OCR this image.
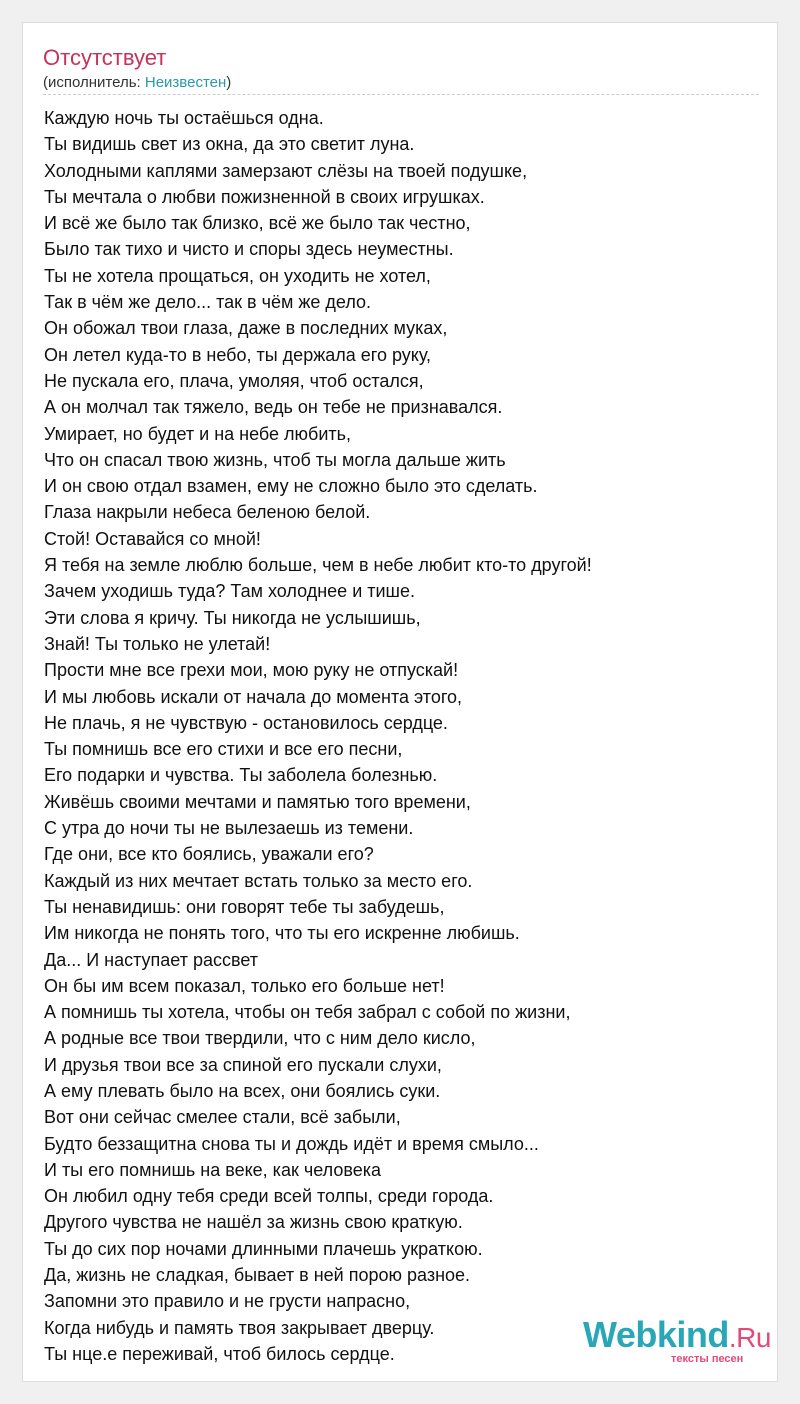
Отсутствует
(исполнитель: Неизвестен)
Каждую ночь ты остаёшься одна.
Ты видишь свет из окна, да это светит луна.
Холодными каплями замерзают слёзы на твоей подушке,
Ты мечтала о любви пожизненной в своих игрушках.
И всё же было так близко, всё же было так честно,
Было так тихо и чисто и споры здесь неуместны.
Ты не хотела прощаться, он уходить не хотел,
Так в чём же дело... так в чём же дело.
Он обожал твои глаза, даже в последних муках,
Он летел куда-то в небо, ты держала его руку,
Не пускала его, плача, умоляя, чтоб остался,
А он молчал так тяжело, ведь он тебе не признавался.
Умирает, но будет и на небе любить,
Что он спасал твою жизнь, чтоб ты могла дальше жить
И он свою отдал взамен, ему не сложно было это сделать.
Глаза накрыли небеса беленою белой.
Стой! Оставайся со мной!
Я тебя на земле люблю больше, чем в небе любит кто-то другой!
Зачем уходишь туда? Там холоднее и тише.
Эти слова я кричу. Ты никогда не услышишь,
Знай! Ты только не улетай!
Прости мне все грехи мои, мою руку не отпускай!
И мы любовь искали от начала до момента этого,
Не плачь, я не чувствую - остановилось сердце.
Ты помнишь все его стихи и все его песни,
Его подарки и чувства. Ты заболела болезнью.
Живёшь своими мечтами и памятью того времени,
С утра до ночи ты не вылезаешь из темени.
Где они, все кто боялись, уважали его?
Каждый из них мечтает встать только за место его.
Ты ненавидишь: они говорят тебе ты забудешь,
Им никогда не понять того, что ты его искренне любишь.
Да... И наступает рассвет
Он бы им всем показал, только его больше нет!
А помнишь ты хотела, чтобы он тебя забрал с собой по жизни,
А родные все твои твердили, что с ним дело кисло,
И друзья твои все за спиной его пускали слухи,
А ему плевать было на всех, они боялись суки.
Вот они сейчас смелее стали, всё забыли,
Будто беззащитна снова ты и дождь идёт и время смыло...
И ты его помнишь на веке, как человека
Он любил одну тебя среди всей толпы, среди города.
Другого чувства не нашёл за жизнь свою краткую.
Ты до сих пор ночами длинными плачешь украткою.
Да, жизнь не сладкая, бывает в ней порою разное.
Запомни это правило и не грусти напрасно,
Когда нибудь и память твоя закрывает дверцу.
Ты нце.е переживай, чтоб билось сердце.	Webkind.Ru
тексты песен
